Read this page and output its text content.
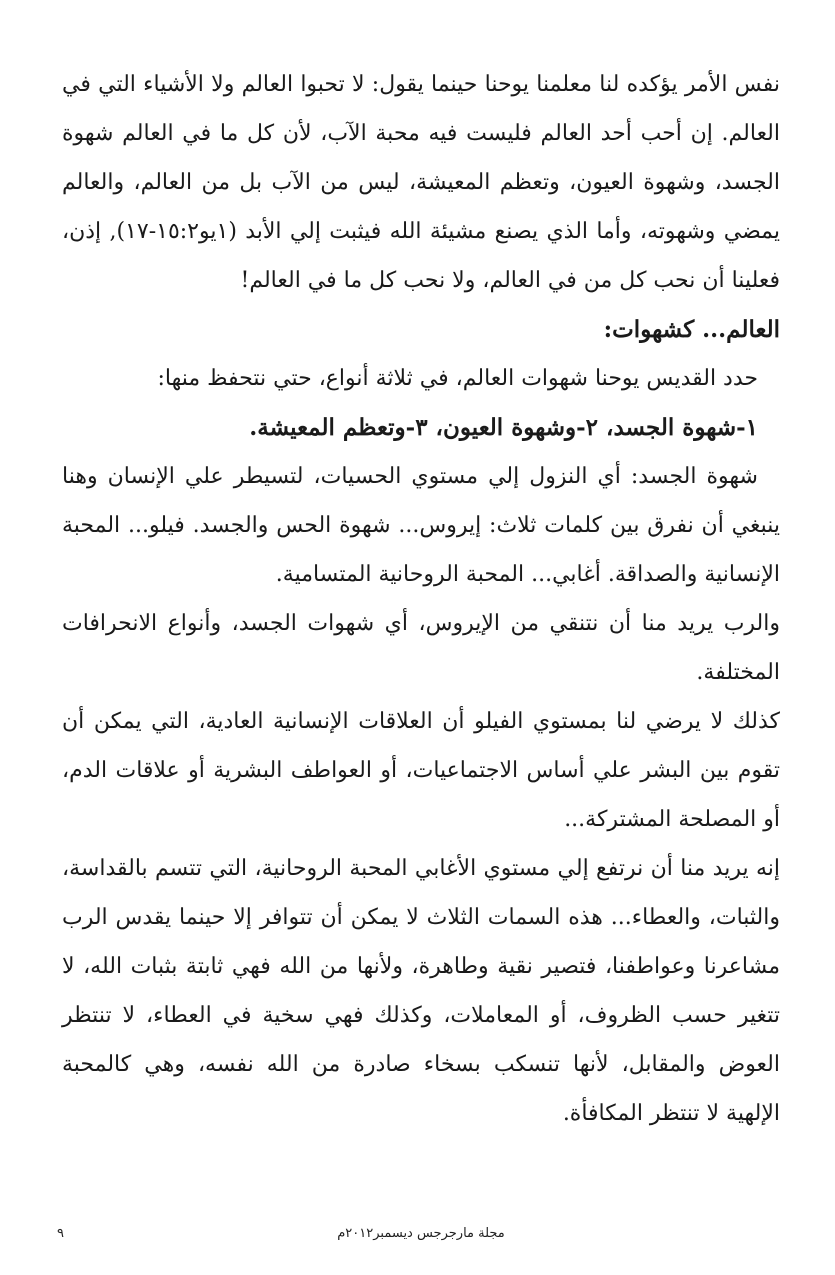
نفس الأمر يؤكده لنا معلمنا يوحنا حينما يقول: لا تحبوا العالم ولا الأشياء التي في العالم. إن أحب أحد العالم فليست فيه محبة الآب، لأن كل ما في العالم شهوة الجسد، وشهوة العيون، وتعظم المعيشة، ليس من الآب بل من العالم، والعالم يمضي وشهوته، وأما الذي يصنع مشيئة الله فيثبت إلي الأبد (١يو١٥:٢-١٧), إذن، فعلينا أن نحب كل من في العالم، ولا نحب كل ما في العالم!

العالم... كشهوات:

حدد القديس يوحنا شهوات العالم، في ثلاثة أنواع، حتي نتحفظ منها:

١-شهوة الجسد، ٢-وشهوة العيون، ٣-وتعظم المعيشة.

شهوة الجسد: أي النزول إلي مستوي الحسيات، لتسيطر علي الإنسان وهنا ينبغي أن نفرق بين كلمات ثلاث: إيروس... شهوة الحس والجسد. فيلو... المحبة الإنسانية والصداقة. أغابي... المحبة الروحانية المتسامية.

والرب يريد منا أن نتنقي من الإيروس، أي شهوات الجسد، وأنواع الانحرافات المختلفة.

كذلك لا يرضي لنا بمستوي الفيلو أن العلاقات الإنسانية العادية، التي يمكن أن تقوم بين البشر علي أساس الاجتماعيات، أو العواطف البشرية أو علاقات الدم، أو المصلحة المشتركة...

إنه يريد منا أن نرتفع إلي مستوي الأغابي المحبة الروحانية، التي تتسم بالقداسة، والثبات، والعطاء... هذه السمات الثلاث لا يمكن أن تتوافر إلا حينما يقدس الرب مشاعرنا وعواطفنا، فتصير نقية وطاهرة، ولأنها من الله فهي ثابتة بثبات الله، لا تتغير حسب الظروف، أو المعاملات، وكذلك فهي سخية في العطاء، لا تنتظر العوض والمقابل، لأنها تنسكب بسخاء صادرة من الله نفسه، وهي كالمحبة الإلهية لا تنتظر المكافأة.

٩	مجلة مارجرجس ديسمبر٢٠١٢م
